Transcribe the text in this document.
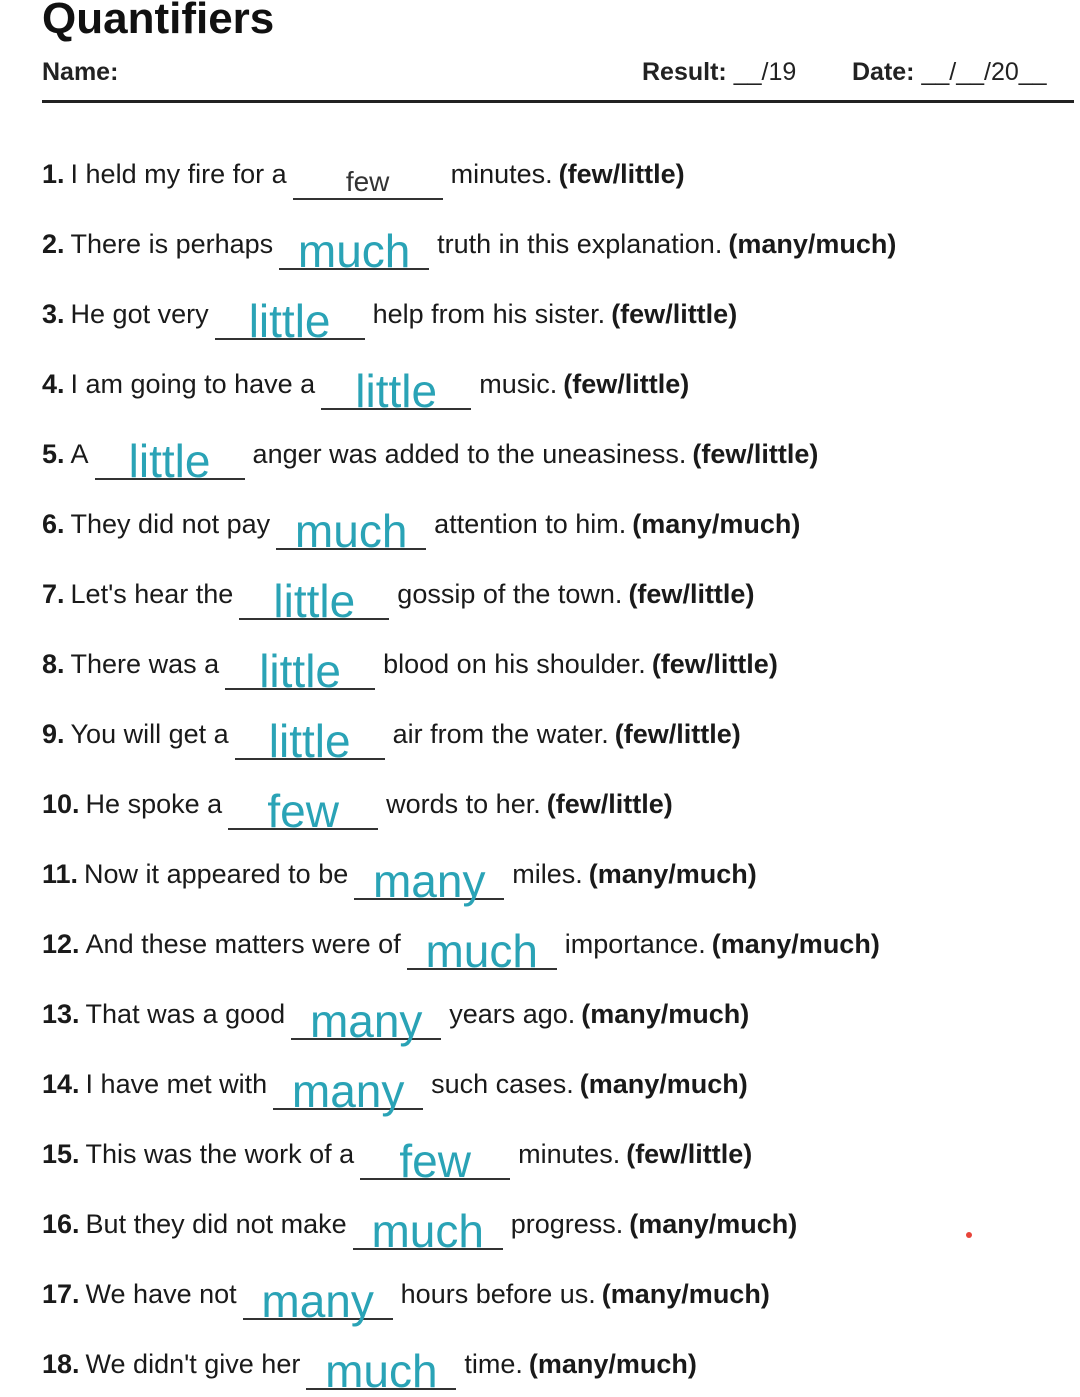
Quantifiers
Name:	Result: __/19 Date: __/__/20__
1. I held my fire for a	few	minutes. (few/little)
2. There is perhaps much truth in this explanation. (many/much)
3. He got very little	help from his sister. (few/little)
4. I am going to have a little	music. (few/little)
5. A little	anger was added to the uneasiness. (few/little)
6. They did not pay much attention to him. (many/much)
7. Let's hear the little	gossip of the town. (few/little)
8. There was a little	blood on his shoulder. (few/little)
9. You will get a little	air from the water. (few/little)
10. He spoke a few	words to her. (few/little)
11. Now it appeared to be many miles. (many/much)
12. And these matters were of much importance. (many/much)
13. That was a good many years ago. (many/much)
14. I have met with many such cases. (many/much)
15. This was the work of a few	minutes. (few/little)
16. But they did not make much progress. (many/much)
17. We have not many hours before us. (many/much)
18. We didn't give her much time. (many/much)
